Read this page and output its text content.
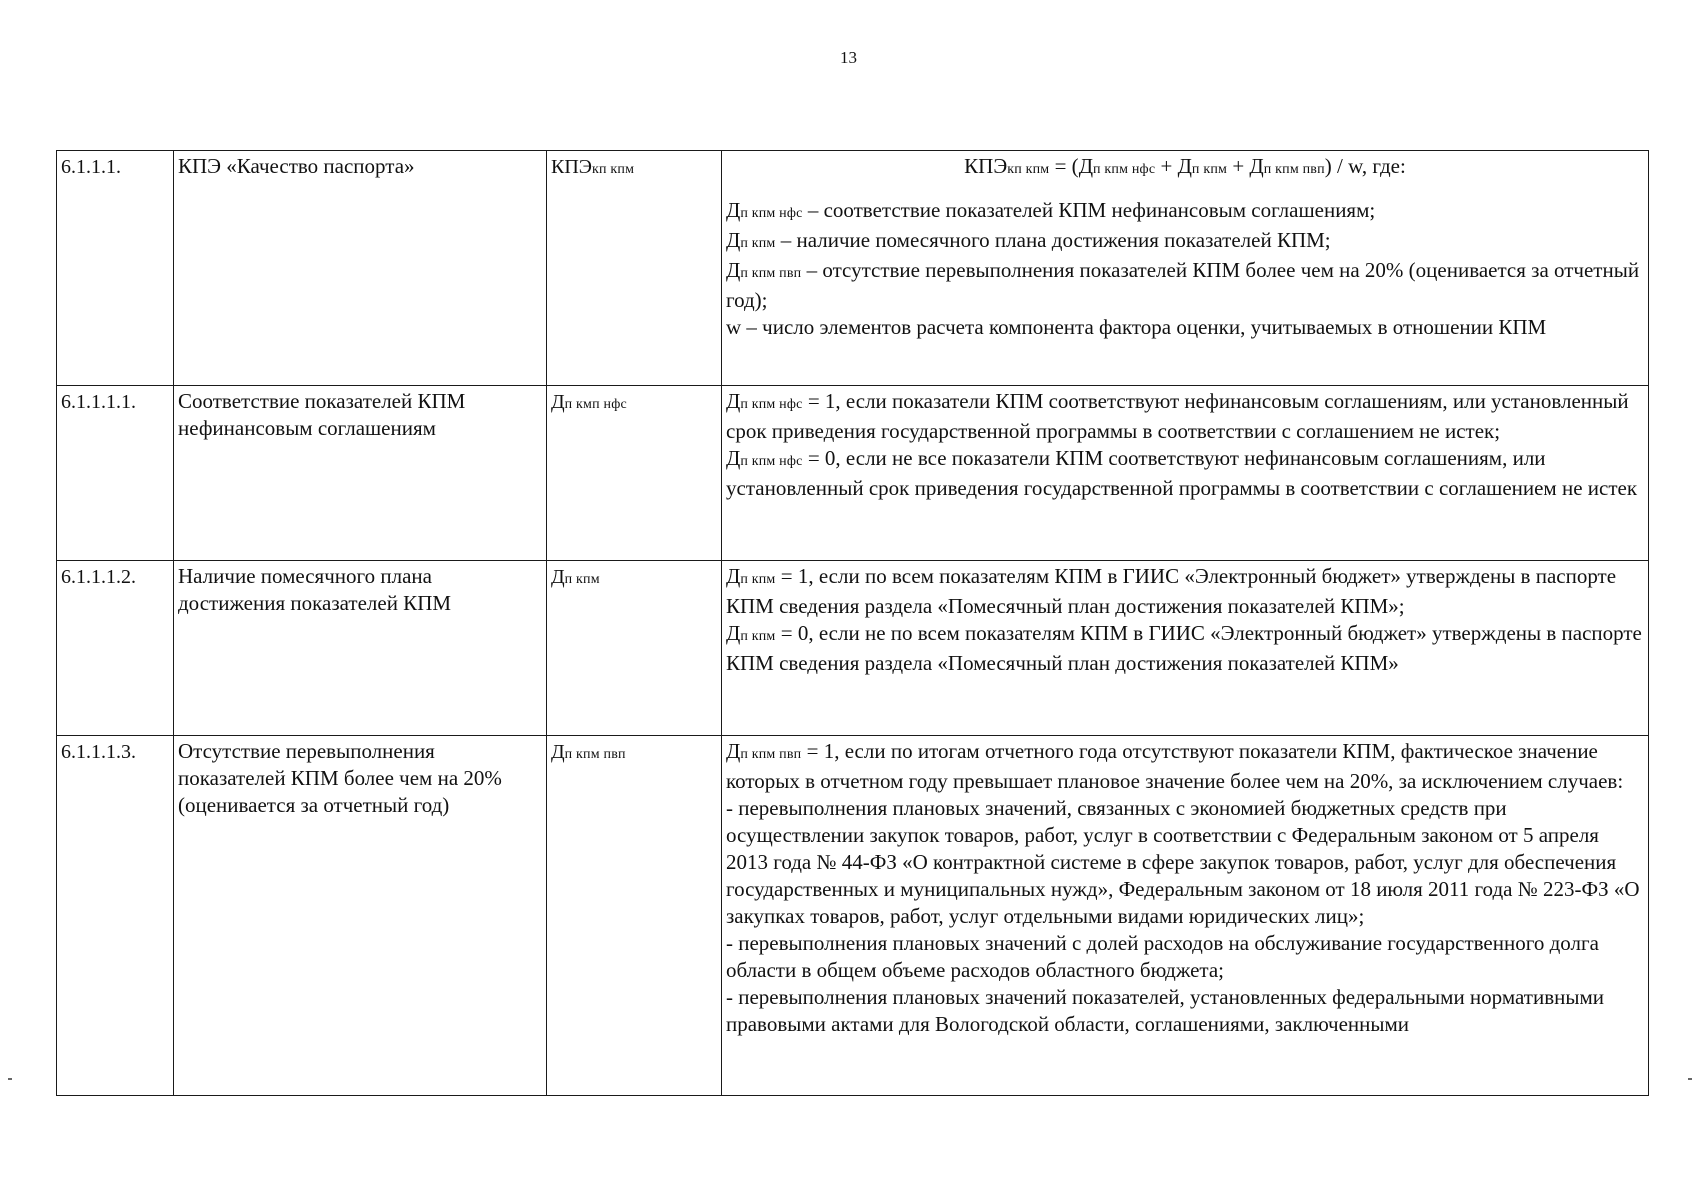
13
6.1.1.1.	КПЭ «Качество паспорта»	КПЭкп кпм	КПЭкп кпм = (Дп кпм нфс + Дп кпм + Дп кпм пвп) / w, где:
Дп кпм нфс – соответствие показателей КПМ нефинансовым соглашениям;
Дп кпм – наличие помесячного плана достижения показателей КПМ;
Дп кпм пвп – отсутствие перевыполнения показателей КПМ более чем на 20% (оценивается за отчетный год);
w – число элементов расчета компонента фактора оценки, учитываемых в отношении КПМ

6.1.1.1.1.	Соответствие показателей КПМ нефинансовым соглашениям	Дп кмп нфс	Дп кпм нфс = 1, если показатели КПМ соответствуют нефинансовым соглашениям, или установленный срок приведения государственной программы в соответствии с соглашением не истек;
Дп кпм нфс = 0, если не все показатели КПМ соответствуют нефинансовым соглашениям, или установленный срок приведения государственной программы в соответствии с соглашением не истек

6.1.1.1.2.	Наличие помесячного плана достижения показателей КПМ	Дп кпм	Дп кпм = 1, если по всем показателям КПМ в ГИИС «Электронный бюджет» утверждены в паспорте КПМ сведения раздела «Помесячный план достижения показателей КПМ»;
Дп кпм = 0, если не по всем показателям КПМ в ГИИС «Электронный бюджет» утверждены в паспорте КПМ сведения раздела «Помесячный план достижения показателей КПМ»

6.1.1.1.3.	Отсутствие перевыполнения показателей КПМ более чем на 20% (оценивается за отчетный год)	Дп кпм пвп	Дп кпм пвп = 1, если по итогам отчетного года отсутствуют показатели КПМ, фактическое значение которых в отчетном году превышает плановое значение более чем на 20%, за исключением случаев:
- перевыполнения плановых значений, связанных с экономией бюджетных средств при осуществлении закупок товаров, работ, услуг в соответствии с Федеральным законом от 5 апреля 2013 года № 44-ФЗ «О контрактной системе в сфере закупок товаров, работ, услуг для обеспечения государственных и муниципальных нужд», Федеральным законом от 18 июля 2011 года № 223-ФЗ «О закупках товаров, работ, услуг отдельными видами юридических лиц»;
- перевыполнения плановых значений с долей расходов на обслуживание государственного долга области в общем объеме расходов областного бюджета;
- перевыполнения плановых значений показателей, установленных федеральными нормативными правовыми актами для Вологодской области, соглашениями, заключенными
